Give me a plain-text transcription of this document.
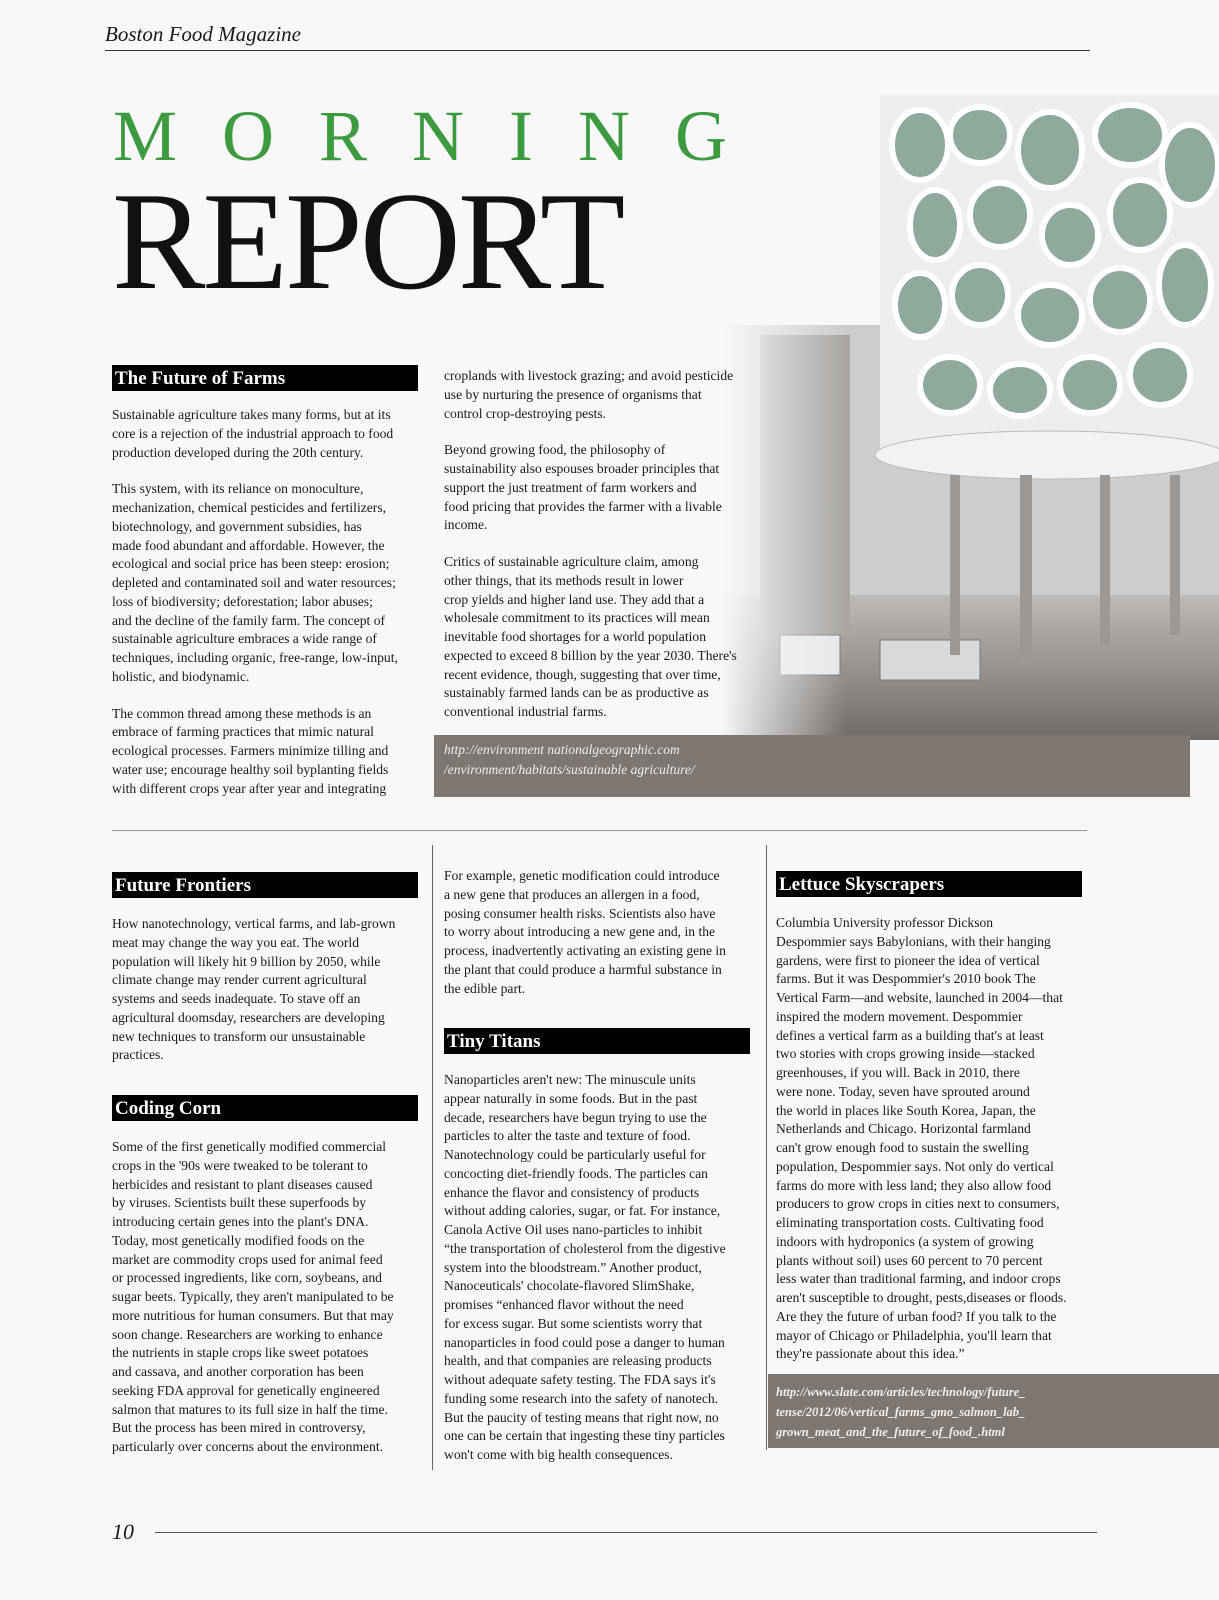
Boston Food Magazine
MORNING
REPORT
The Future of Farms
Sustainable agriculture takes many forms, but at its
core is a rejection of the industrial approach to food
production developed during the 20th century.
This system, with its reliance on monoculture,
mechanization, chemical pesticides and fertilizers,
biotechnology, and government subsidies, has
made food abundant and affordable. However, the
ecological and social price has been steep: erosion;
depleted and contaminated soil and water resources;
loss of biodiversity; deforestation; labor abuses;
and the decline of the family farm. The concept of
sustainable agriculture embraces a wide range of
techniques, including organic, free-range, low-input,
holistic, and biodynamic.
The common thread among these methods is an
embrace of farming practices that mimic natural
ecological processes. Farmers minimize tilling and
water use; encourage healthy soil byplanting fields
with different crops year after year and integrating
croplands with livestock grazing; and avoid pesticide
use by nurturing the presence of organisms that
control crop-destroying pests.
Beyond growing food, the philosophy of
sustainability also espouses broader principles that
support the just treatment of farm workers and
food pricing that provides the farmer with a livable
income.
Critics of sustainable agriculture claim, among
other things, that its methods result in lower
crop yields and higher land use. They add that a
wholesale commitment to its practices will mean
inevitable food shortages for a world population
expected to exceed 8 billion by the year 2030. There's
recent evidence, though, suggesting that over time,
sustainably farmed lands can be as productive as
conventional industrial farms.
http://environment nationalgeographic.com
/environment/habitats/sustainable agriculture/
Future Frontiers
How nanotechnology, vertical farms, and lab-grown
meat may change the way you eat. The world
population will likely hit 9 billion by 2050, while
climate change may render current agricultural
systems and seeds inadequate. To stave off an
agricultural doomsday, researchers are developing
new techniques to transform our unsustainable
practices.
Coding Corn
Some of the first genetically modified commercial
crops in the '90s were tweaked to be tolerant to
herbicides and resistant to plant diseases caused
by viruses. Scientists built these superfoods by
introducing certain genes into the plant's DNA.
Today, most genetically modified foods on the
market are commodity crops used for animal feed
or processed ingredients, like corn, soybeans, and
sugar beets. Typically, they aren't manipulated to be
more nutritious for human consumers. But that may
soon change. Researchers are working to enhance
the nutrients in staple crops like sweet potatoes
and cassava, and another corporation has been
seeking FDA approval for genetically engineered
salmon that matures to its full size in half the time.
But the process has been mired in controversy,
particularly over concerns about the environment.
For example, genetic modification could introduce
a new gene that produces an allergen in a food,
posing consumer health risks. Scientists also have
to worry about introducing a new gene and, in the
process, inadvertently activating an existing gene in
the plant that could produce a harmful substance in
the edible part.
Tiny Titans
Nanoparticles aren't new: The minuscule units
appear naturally in some foods. But in the past
decade, researchers have begun trying to use the
particles to alter the taste and texture of food.
Nanotechnology could be particularly useful for
concocting diet-friendly foods. The particles can
enhance the flavor and consistency of products
without adding calories, sugar, or fat. For instance,
Canola Active Oil uses nano-particles to inhibit
“the transportation of cholesterol from the digestive
system into the bloodstream.” Another product,
Nanoceuticals' chocolate-flavored SlimShake,
promises “enhanced flavor without the need
for excess sugar. But some scientists worry that
nanoparticles in food could pose a danger to human
health, and that companies are releasing products
without adequate safety testing. The FDA says it's
funding some research into the safety of nanotech.
But the paucity of testing means that right now, no
one can be certain that ingesting these tiny particles
won't come with big health consequences.
Lettuce Skyscrapers
Columbia University professor Dickson
Despommier says Babylonians, with their hanging
gardens, were first to pioneer the idea of vertical
farms. But it was Despommier's 2010 book The
Vertical Farm—and website, launched in 2004—that
inspired the modern movement. Despommier
defines a vertical farm as a building that's at least
two stories with crops growing inside—stacked
greenhouses, if you will. Back in 2010, there
were none. Today, seven have sprouted around
the world in places like South Korea, Japan, the
Netherlands and Chicago. Horizontal farmland
can't grow enough food to sustain the swelling
population, Despommier says. Not only do vertical
farms do more with less land; they also allow food
producers to grow crops in cities next to consumers,
eliminating transportation costs. Cultivating food
indoors with hydroponics (a system of growing
plants without soil) uses 60 percent to 70 percent
less water than traditional farming, and indoor crops
aren't susceptible to drought, pests,diseases or floods.
Are they the future of urban food? If you talk to the
mayor of Chicago or Philadelphia, you'll learn that
they're passionate about this idea.”
http://www.slate.com/articles/technology/future_
tense/2012/06/vertical_farms_gmo_salmon_lab_
grown_meat_and_the_future_of_food_.html
10
